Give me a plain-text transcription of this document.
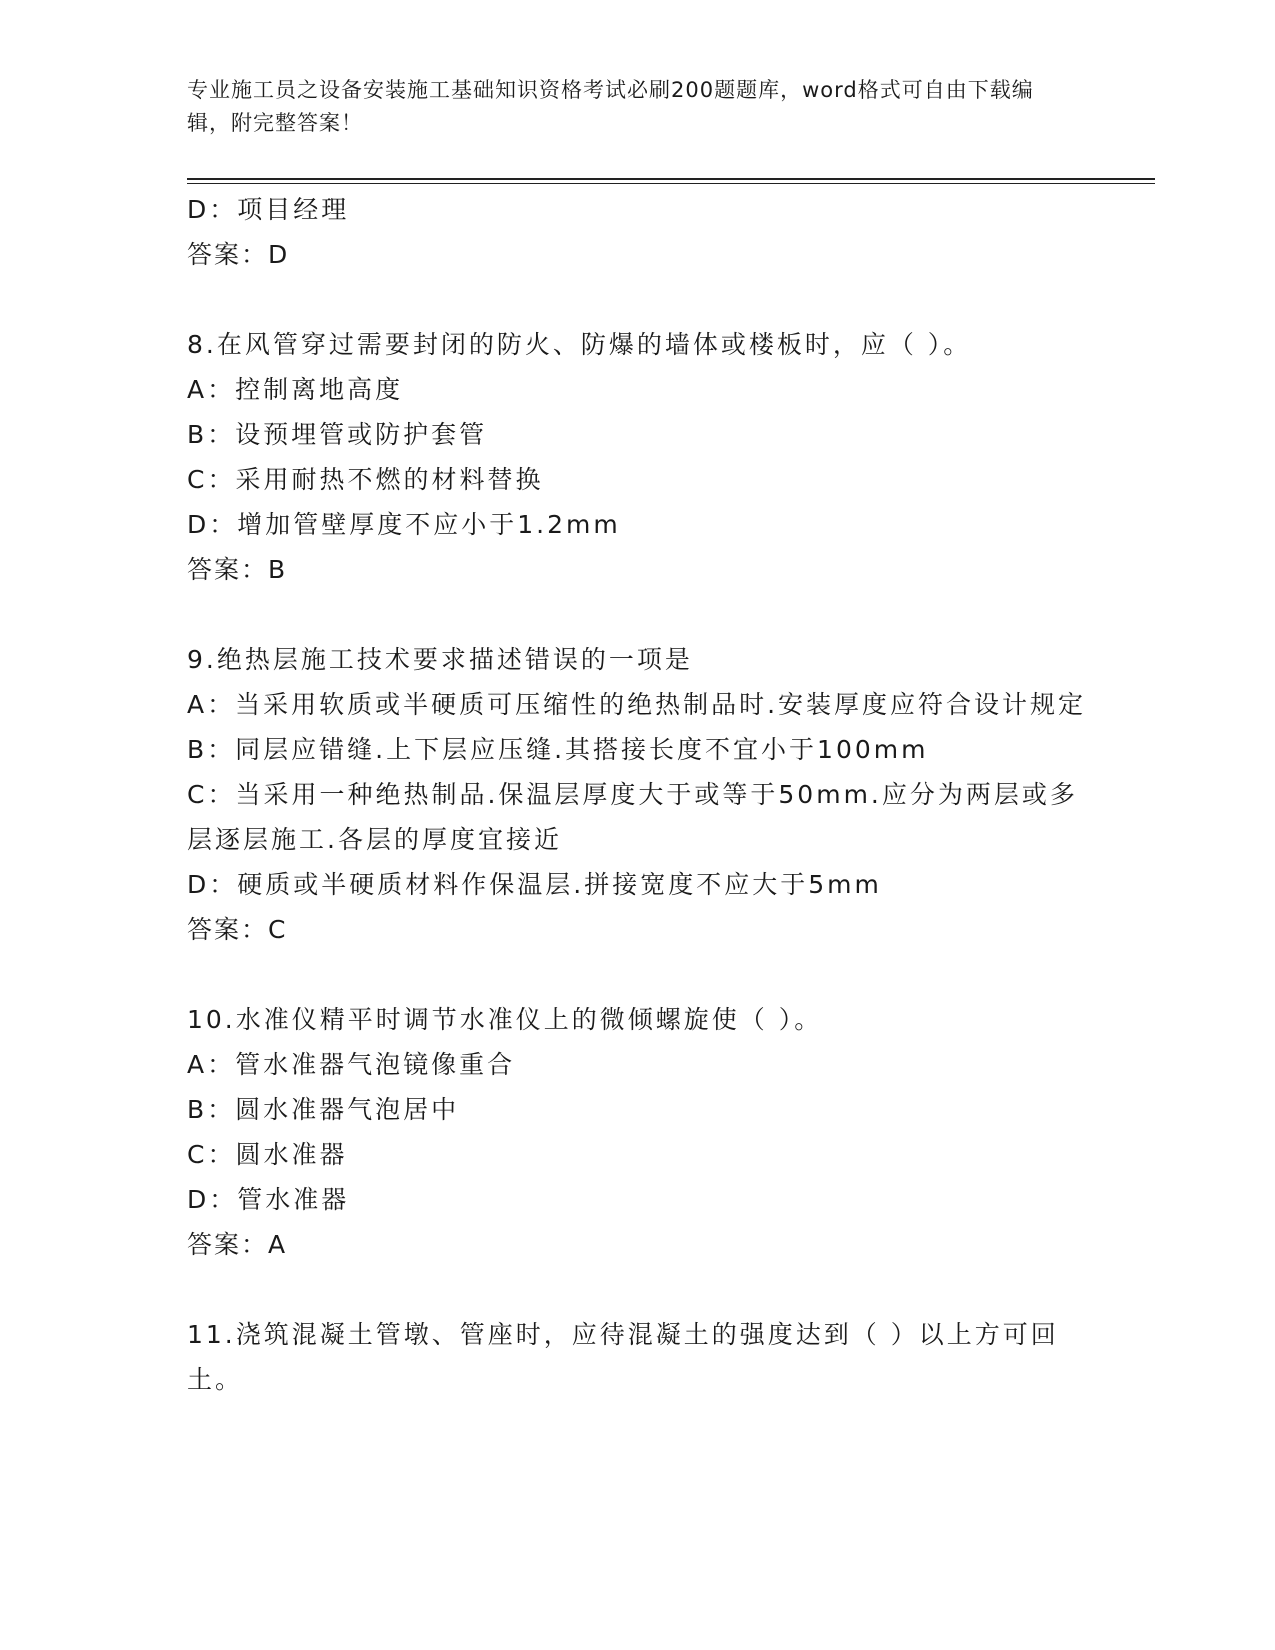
专业施工员之设备安装施工基础知识资格考试必刷200题题库，word格式可自由下载编辑，附完整答案！

D：项目经理

答案：D

8.在风管穿过需要封闭的防火、防爆的墙体或楼板时，应（ ）。

A：控制离地高度

B：设预埋管或防护套管

C：采用耐热不燃的材料替换

D：增加管壁厚度不应小于1.2mm

答案：B

9.绝热层施工技术要求描述错误的一项是

A：当采用软质或半硬质可压缩性的绝热制品时.安装厚度应符合设计规定

B：同层应错缝.上下层应压缝.其搭接长度不宜小于100mm

C：当采用一种绝热制品.保温层厚度大于或等于50mm.应分为两层或多层逐层施工.各层的厚度宜接近

D：硬质或半硬质材料作保温层.拼接宽度不应大于5mm

答案：C

10.水准仪精平时调节水准仪上的微倾螺旋使（ ）。

A：管水准器气泡镜像重合

B：圆水准器气泡居中

C：圆水准器

D：管水准器

答案：A

11.浇筑混凝土管墩、管座时，应待混凝土的强度达到（ ）以上方可回土。
